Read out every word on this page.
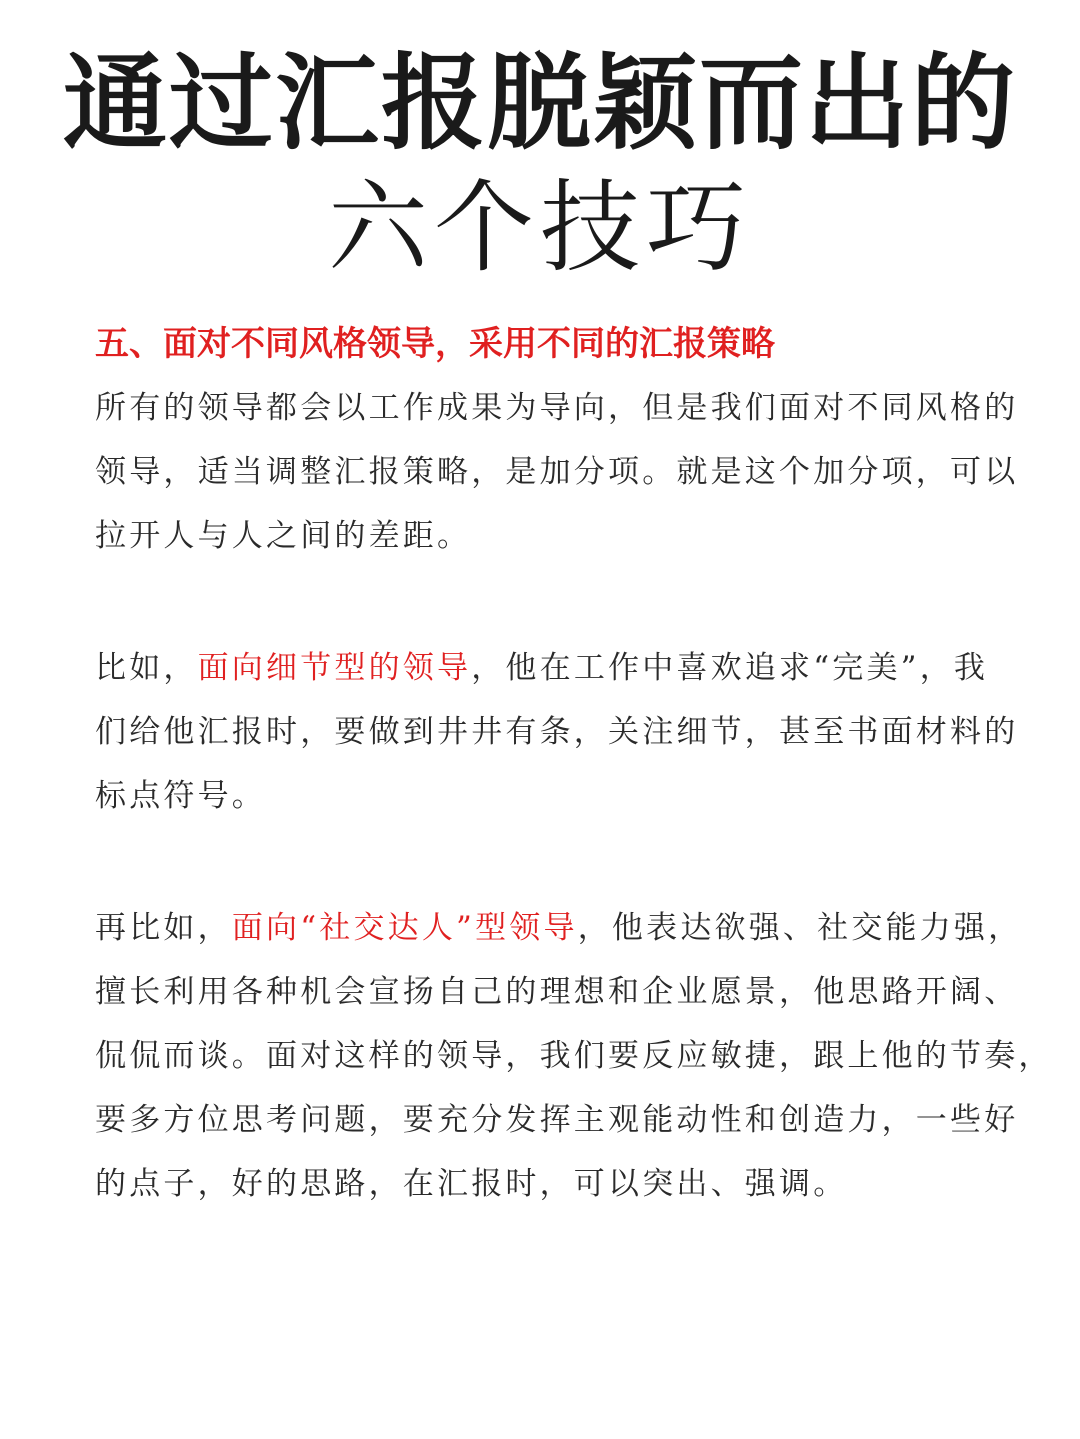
通过汇报脱颖而出的
六个技巧
五、面对不同风格领导，采用不同的汇报策略
所有的领导都会以工作成果为导向，但是我们面对不同风格的
领导，适当调整汇报策略，是加分项。就是这个加分项，可以
拉开人与人之间的差距。
比如，面向细节型的领导，他在工作中喜欢追求“完美”，我
们给他汇报时，要做到井井有条，关注细节，甚至书面材料的
标点符号。
再比如，面向“社交达人”型领导，他表达欲强、社交能力强，
擅长利用各种机会宣扬自己的理想和企业愿景，他思路开阔、
侃侃而谈。面对这样的领导，我们要反应敏捷，跟上他的节奏，
要多方位思考问题，要充分发挥主观能动性和创造力，一些好
的点子，好的思路，在汇报时，可以突出、强调。
